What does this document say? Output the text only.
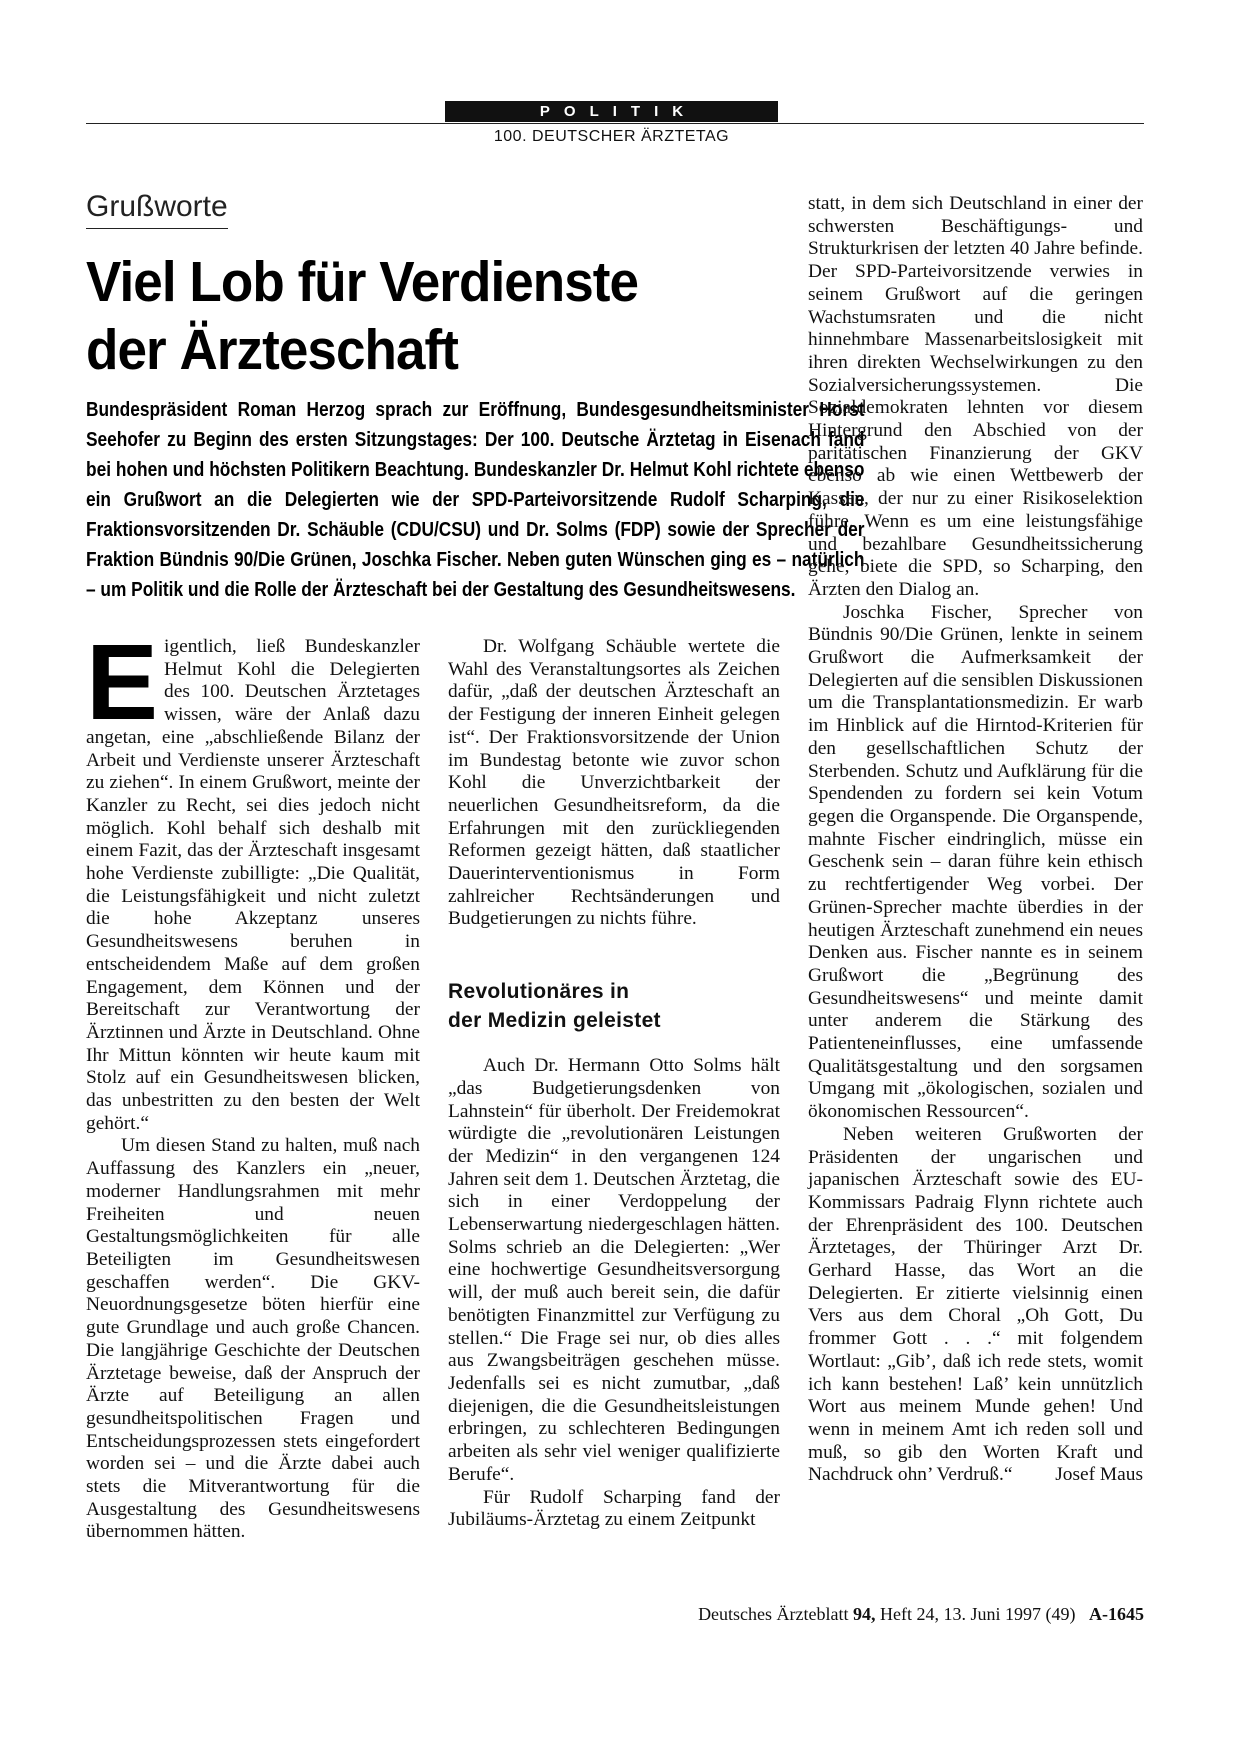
POLITIK
100. DEUTSCHER ÄRZTETAG
Grußworte
Viel Lob für Verdienste
der Ärzteschaft
Bundespräsident Roman Herzog sprach zur Eröffnung, Bundesgesundheitsminister Horst Seehofer zu Beginn des ersten Sitzungstages: Der 100. Deutsche Ärztetag in Eisenach fand bei hohen und höchsten Politikern Beachtung. Bundeskanzler Dr. Helmut Kohl richtete ebenso ein Grußwort an die Delegierten wie der SPD-Parteivorsitzende Rudolf Scharping, die Fraktionsvorsitzenden Dr. Schäuble (CDU/CSU) und Dr. Solms (FDP) sowie der Sprecher der Fraktion Bündnis 90/Die Grünen, Joschka Fischer. Neben guten Wünschen ging es – natürlich – um Politik und die Rolle der Ärzteschaft bei der Gestaltung des Gesundheitswesens.

Eigentlich, ließ Bundeskanzler Helmut Kohl die Delegierten des 100. Deutschen Ärztetages wissen, wäre der Anlaß dazu angetan, eine „abschließende Bilanz der Arbeit und Verdienste unserer Ärzteschaft zu ziehen“. In einem Grußwort, meinte der Kanzler zu Recht, sei dies jedoch nicht möglich. Kohl behalf sich deshalb mit einem Fazit, das der Ärzteschaft insgesamt hohe Verdienste zubilligte: „Die Qualität, die Leistungsfähigkeit und nicht zuletzt die hohe Akzeptanz unseres Gesundheitswesens beruhen in entscheidendem Maße auf dem großen Engagement, dem Können und der Bereitschaft zur Verantwortung der Ärztinnen und Ärzte in Deutschland. Ohne Ihr Mittun könnten wir heute kaum mit Stolz auf ein Gesundheitswesen blicken, das unbestritten zu den besten der Welt gehört.“

Um diesen Stand zu halten, muß nach Auffassung des Kanzlers ein „neuer, moderner Handlungsrahmen mit mehr Freiheiten und neuen Gestaltungsmöglichkeiten für alle Beteiligten im Gesundheitswesen geschaffen werden“. Die GKV-Neuordnungsgesetze böten hierfür eine gute Grundlage und auch große Chancen. Die langjährige Geschichte der Deutschen Ärztetage beweise, daß der Anspruch der Ärzte auf Beteiligung an allen gesundheitspolitischen Fragen und Entscheidungsprozessen stets eingefordert worden sei – und die Ärzte dabei auch stets die Mitverantwortung für die Ausgestaltung des Gesundheitswesens übernommen hätten.

Dr. Wolfgang Schäuble wertete die Wahl des Veranstaltungsortes als Zeichen dafür, „daß der deutschen Ärzteschaft an der Festigung der inneren Einheit gelegen ist“. Der Fraktionsvorsitzende der Union im Bundestag betonte wie zuvor schon Kohl die Unverzichtbarkeit der neuerlichen Gesundheitsreform, da die Erfahrungen mit den zurückliegenden Reformen gezeigt hätten, daß staatlicher Dauerinterventionismus in Form zahlreicher Rechtsänderungen und Budgetierungen zu nichts führe.

Revolutionäres in
der Medizin geleistet

Auch Dr. Hermann Otto Solms hält „das Budgetierungsdenken von Lahnstein“ für überholt. Der Freidemokrat würdigte die „revolutionären Leistungen der Medizin“ in den vergangenen 124 Jahren seit dem 1. Deutschen Ärztetag, die sich in einer Verdoppelung der Lebenserwartung niedergeschlagen hätten. Solms schrieb an die Delegierten: „Wer eine hochwertige Gesundheitsversorgung will, der muß auch bereit sein, die dafür benötigten Finanzmittel zur Verfügung zu stellen.“ Die Frage sei nur, ob dies alles aus Zwangsbeiträgen geschehen müsse. Jedenfalls sei es nicht zumutbar, „daß diejenigen, die die Gesundheitsleistungen erbringen, zu schlechteren Bedingungen arbeiten als sehr viel weniger qualifizierte Berufe“.

Für Rudolf Scharping fand der Jubiläums-Ärztetag zu einem Zeitpunkt

statt, in dem sich Deutschland in einer der schwersten Beschäftigungs- und Strukturkrisen der letzten 40 Jahre befinde. Der SPD-Parteivorsitzende verwies in seinem Grußwort auf die geringen Wachstumsraten und die nicht hinnehmbare Massenarbeitslosigkeit mit ihren direkten Wechselwirkungen zu den Sozialversicherungssystemen. Die Sozialdemokraten lehnten vor diesem Hintergrund den Abschied von der paritätischen Finanzierung der GKV ebenso ab wie einen Wettbewerb der Kassen, der nur zu einer Risikoselektion führe. Wenn es um eine leistungsfähige und bezahlbare Gesundheitssicherung gehe, biete die SPD, so Scharping, den Ärzten den Dialog an.

Joschka Fischer, Sprecher von Bündnis 90/Die Grünen, lenkte in seinem Grußwort die Aufmerksamkeit der Delegierten auf die sensiblen Diskussionen um die Transplantationsmedizin. Er warb im Hinblick auf die Hirntod-Kriterien für den gesellschaftlichen Schutz der Sterbenden. Schutz und Aufklärung für die Spendenden zu fordern sei kein Votum gegen die Organspende. Die Organspende, mahnte Fischer eindringlich, müsse ein Geschenk sein – daran führe kein ethisch zu rechtfertigender Weg vorbei. Der Grünen-Sprecher machte überdies in der heutigen Ärzteschaft zunehmend ein neues Denken aus. Fischer nannte es in seinem Grußwort die „Begrünung des Gesundheitswesens“ und meinte damit unter anderem die Stärkung des Patienteneinflusses, eine umfassende Qualitätsgestaltung und den sorgsamen Umgang mit „ökologischen, sozialen und ökonomischen Ressourcen“.

Neben weiteren Grußworten der Präsidenten der ungarischen und japanischen Ärzteschaft sowie des EU-Kommissars Padraig Flynn richtete auch der Ehrenpräsident des 100. Deutschen Ärztetages, der Thüringer Arzt Dr. Gerhard Hasse, das Wort an die Delegierten. Er zitierte vielsinnig einen Vers aus dem Choral „Oh Gott, Du frommer Gott . . .“ mit folgendem Wortlaut: „Gib’, daß ich rede stets, womit ich kann bestehen! Laß’ kein unnützlich Wort aus meinem Munde gehen! Und wenn in meinem Amt ich reden soll und muß, so gib den Worten Kraft und Nachdruck ohn’ Verdruß.“	Josef Maus

Deutsches Ärzteblatt 94, Heft 24, 13. Juni 1997 (49) A-1645
